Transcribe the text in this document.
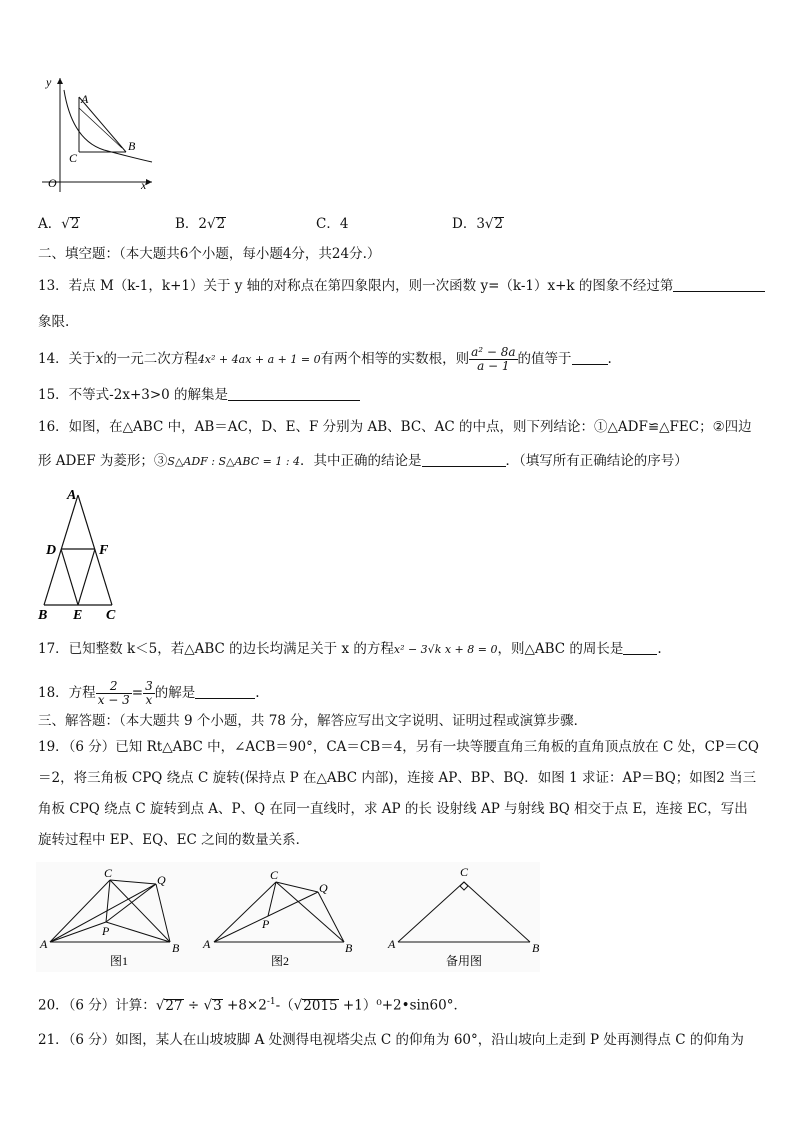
y
A
B
C
O	x
A．√2	B．2√2	C．4	D．3√2
二、填空题：（本大题共6个小题，每小题4分，共24分.）
13．若点 M（k-1，k+1）关于 y 轴的对称点在第四象限内，则一次函数 y=（k-1）x+k 的图象不经过第
象限.
14．关于x的一元二次方程4x² + 4ax + a + 1 = 0有两个相等的实数根，则 $\frac{\text{a² − 8a}}{a - 1}$ 的值等于	.
15．不等式-2x+3>0 的解集是
16．如图，在△ABC 中，AB＝AC，D、E、F 分别为 AB、BC、AC 的中点，则下列结论：①△ADF≌△FEC；②四边
形 ADEF 为菱形；③S△ADF : S△ABC = 1 : 4．其中正确的结论是	．（填写所有正确结论的序号）
A
D	F
B E C
17．已知整数 k＜5，若△ABC 的边长均满足关于 x 的方程x² − 3√k x + 8 = 0，则△ABC 的周长是	.
18．方程 $\frac{2}{x - 3} = \frac{3}{x}$ 的解是	.
三、解答题：（本大题共 9 个小题，共 78 分，解答应写出文字说明、证明过程或演算步骤．
19．（6 分）已知 Rt△ABC 中，∠ACB＝90°，CA＝CB＝4，另有一块等腰直角三角板的直角顶点放在 C 处，CP＝CQ
＝2，将三角板 CPQ 绕点 C 旋转(保持点 P 在△ABC 内部)，连接 AP、BP、BQ．如图 1 求证：AP＝BQ；如图2 当三
角板 CPQ 绕点 C 旋转到点 A、P、Q 在同一直线时，求 AP 的长 设射线 AP 与射线 BQ 相交于点 E，连接 EC，写出
旋转过程中 EP、EQ、EC 之间的数量关系．
C	Q
P
A	B
图1
C
Q
P
A	B
图2
C
A	B
备用图
20．（6 分）计算：$√27 \div √3 +8\times 2^{-1}-(√2015$ +1）⁰+2•sin60°．
21．（6 分）如图，某人在山坡坡脚 A 处测得电视塔尖点 C 的仰角为 60°，沿山坡向上走到 P 处再测得点 C 的仰角为
